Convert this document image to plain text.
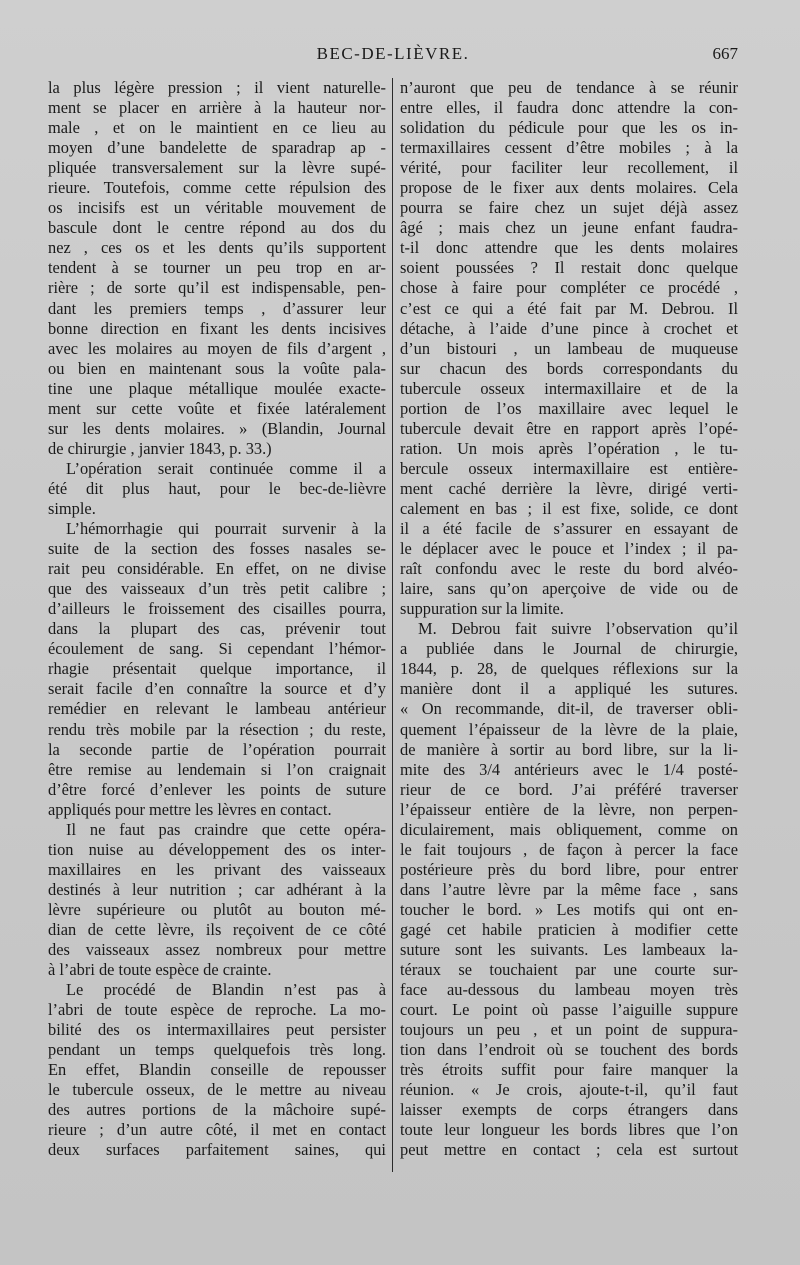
BEC-DE-LIÈVRE.	667
la plus légère pression ; il vient naturelle-
ment se placer en arrière à la hauteur nor-
male , et on le maintient en ce lieu au
moyen d’une bandelette de sparadrap ap -
pliquée transversalement sur la lèvre supé-
rieure. Toutefois, comme cette répulsion des
os incisifs est un véritable mouvement de
bascule dont le centre répond au dos du
nez , ces os et les dents qu’ils supportent
tendent à se tourner un peu trop en ar-
rière ; de sorte qu’il est indispensable, pen-
dant les premiers temps , d’assurer leur
bonne direction en fixant les dents incisives
avec les molaires au moyen de fils d’argent ,
ou bien en maintenant sous la voûte pala-
tine une plaque métallique moulée exacte-
ment sur cette voûte et fixée latéralement
sur les dents molaires. » (Blandin, Journal
de chirurgie , janvier 1843, p. 33.)
L’opération serait continuée comme il a
été dit plus haut, pour le bec-de-lièvre
simple.
L’hémorrhagie qui pourrait survenir à la
suite de la section des fosses nasales se-
rait peu considérable. En effet, on ne divise
que des vaisseaux d’un très petit calibre ;
d’ailleurs le froissement des cisailles pourra,
dans la plupart des cas, prévenir tout
écoulement de sang. Si cependant l’hémor-
rhagie présentait quelque importance, il
serait facile d’en connaître la source et d’y
remédier en relevant le lambeau antérieur
rendu très mobile par la résection ; du reste,
la seconde partie de l’opération pourrait
être remise au lendemain si l’on craignait
d’être forcé d’enlever les points de suture
appliqués pour mettre les lèvres en contact.
Il ne faut pas craindre que cette opéra-
tion nuise au développement des os inter-
maxillaires en les privant des vaisseaux
destinés à leur nutrition ; car adhérant à la
lèvre supérieure ou plutôt au bouton mé-
dian de cette lèvre, ils reçoivent de ce côté
des vaisseaux assez nombreux pour mettre
à l’abri de toute espèce de crainte.
Le procédé de Blandin n’est pas à
l’abri de toute espèce de reproche. La mo-
bilité des os intermaxillaires peut persister
pendant un temps quelquefois très long.
En effet, Blandin conseille de repousser
le tubercule osseux, de le mettre au niveau
des autres portions de la mâchoire supé-
rieure ; d’un autre côté, il met en contact
deux surfaces parfaitement saines, qui
n’auront que peu de tendance à se réunir
entre elles, il faudra donc attendre la con-
solidation du pédicule pour que les os in-
termaxillaires cessent d’être mobiles ; à la
vérité, pour faciliter leur recollement, il
propose de le fixer aux dents molaires. Cela
pourra se faire chez un sujet déjà assez
âgé ; mais chez un jeune enfant faudra-
t-il donc attendre que les dents molaires
soient poussées ? Il restait donc quelque
chose à faire pour compléter ce procédé ,
c’est ce qui a été fait par M. Debrou. Il
détache, à l’aide d’une pince à crochet et
d’un bistouri , un lambeau de muqueuse
sur chacun des bords correspondants du
tubercule osseux intermaxillaire et de la
portion de l’os maxillaire avec lequel le
tubercule devait être en rapport après l’opé-
ration. Un mois après l’opération , le tu-
bercule osseux intermaxillaire est entière-
ment caché derrière la lèvre, dirigé verti-
calement en bas ; il est fixe, solide, ce dont
il a été facile de s’assurer en essayant de
le déplacer avec le pouce et l’index ; il pa-
raît confondu avec le reste du bord alvéo-
laire, sans qu’on aperçoive de vide ou de
suppuration sur la limite.
M. Debrou fait suivre l’observation qu’il
a publiée dans le Journal de chirurgie,
1844, p. 28, de quelques réflexions sur la
manière dont il a appliqué les sutures.
« On recommande, dit-il, de traverser obli-
quement l’épaisseur de la lèvre de la plaie,
de manière à sortir au bord libre, sur la li-
mite des 3/4 antérieurs avec le 1/4 posté-
rieur de ce bord. J’ai préféré traverser
l’épaisseur entière de la lèvre, non perpen-
diculairement, mais obliquement, comme on
le fait toujours , de façon à percer la face
postérieure près du bord libre, pour entrer
dans l’autre lèvre par la même face , sans
toucher le bord. » Les motifs qui ont en-
gagé cet habile praticien à modifier cette
suture sont les suivants. Les lambeaux la-
téraux se touchaient par une courte sur-
face au-dessous du lambeau moyen très
court. Le point où passe l’aiguille suppure
toujours un peu , et un point de suppura-
tion dans l’endroit où se touchent des bords
très étroits suffit pour faire manquer la
réunion. « Je crois, ajoute-t-il, qu’il faut
laisser exempts de corps étrangers dans
toute leur longueur les bords libres que l’on
peut mettre en contact ; cela est surtout
